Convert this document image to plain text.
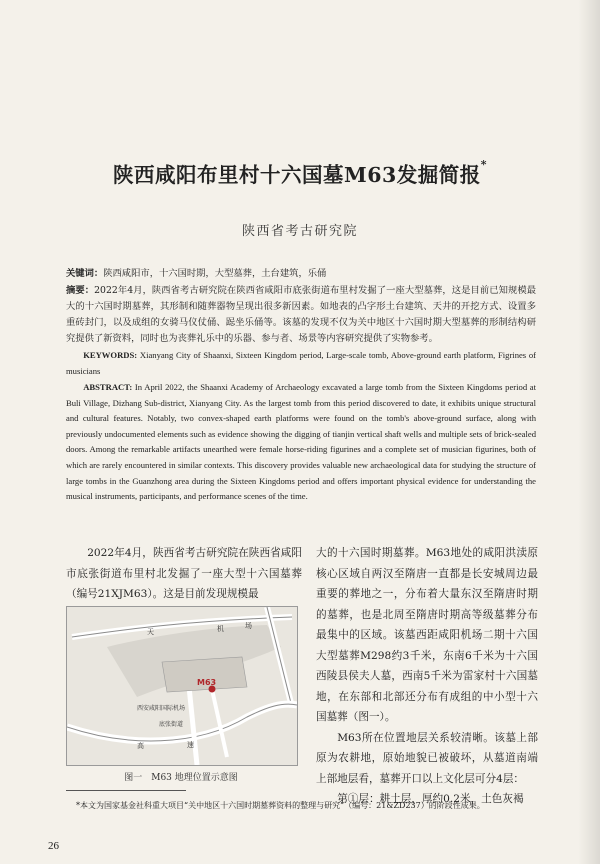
陕西咸阳布里村十六国墓M63发掘简报*
陕西省考古研究院
关键词：陕西咸阳市，十六国时期，大型墓葬，土台建筑，乐俑
摘要：2022年4月，陕西省考古研究院在陕西省咸阳市底张街道布里村发掘了一座大型墓葬，这是目前已知规模最大的十六国时期墓葬，其形制和随葬器物呈现出很多新因素。如地表的凸字形土台建筑、天井的开挖方式、设置多重砖封门，以及成组的女骑马仪仗俑、跽坐乐俑等。该墓的发现不仅为关中地区十六国时期大型墓葬的形制结构研究提供了新资料，同时也为丧葬礼乐中的乐器、参与者、场景等内容研究提供了实物参考。
KEYWORDS: Xianyang City of Shaanxi, Sixteen Kingdom period, Large-scale tomb, Above-ground earth platform, Figrines of musicians
ABSTRACT: In April 2022, the Shaanxi Academy of Archaeology excavated a large tomb from the Sixteen Kingdoms period at Buli Village, Dizhang Sub-district, Xianyang City. As the largest tomb from this period discovered to date, it exhibits unique structural and cultural features. Notably, two convex-shaped earth platforms were found on the tomb's above-ground surface, along with previously undocumented elements such as evidence showing the digging of tianjin vertical shaft wells and multiple sets of brick-sealed doors. Among the remarkable artifacts unearthed were female horse-riding figurines and a complete set of musician figurines, both of which are rarely encountered in similar contexts. This discovery provides valuable new archaeological data for studying the structure of large tombs in the Guanzhong area during the Sixteen Kingdoms period and offers important physical evidence for understanding the musical instruments, participants, and performance scenes of the time.

2022年4月，陕西省考古研究院在陕西省咸阳市底张街道布里村北发掘了一座大型十六国墓葬（编号21XJM63）。这是目前发现规模最

M63
西安咸阳国际机场
天	机	场
高	速
底张街道
图一　M63 地理位置示意图

大的十六国时期墓葬。M63地处的咸阳洪渎原核心区域自两汉至隋唐一直都是长安城周边最重要的葬地之一，分布着大量东汉至隋唐时期的墓葬，也是北周至隋唐时期高等级墓葬分布最集中的区域。该墓西距咸阳机场二期十六国大型墓葬M298约3千米，东南6千米为十六国西陵县侯夫人墓，西南5千米为雷家村十六国墓地，在东部和北部还分布有成组的中小型十六国墓葬（图一）。

M63所在位置地层关系较清晰。该墓上部原为农耕地，原始地貌已被破坏，从墓道南端上部地层看，墓葬开口以上文化层可分4层：

第①层：耕土层，厚约0.2米，土色灰褐

*本文为国家基金社科重大项目“关中地区十六国时期墓葬资料的整理与研究”（编号：21&ZD237）的阶段性成果。
26
